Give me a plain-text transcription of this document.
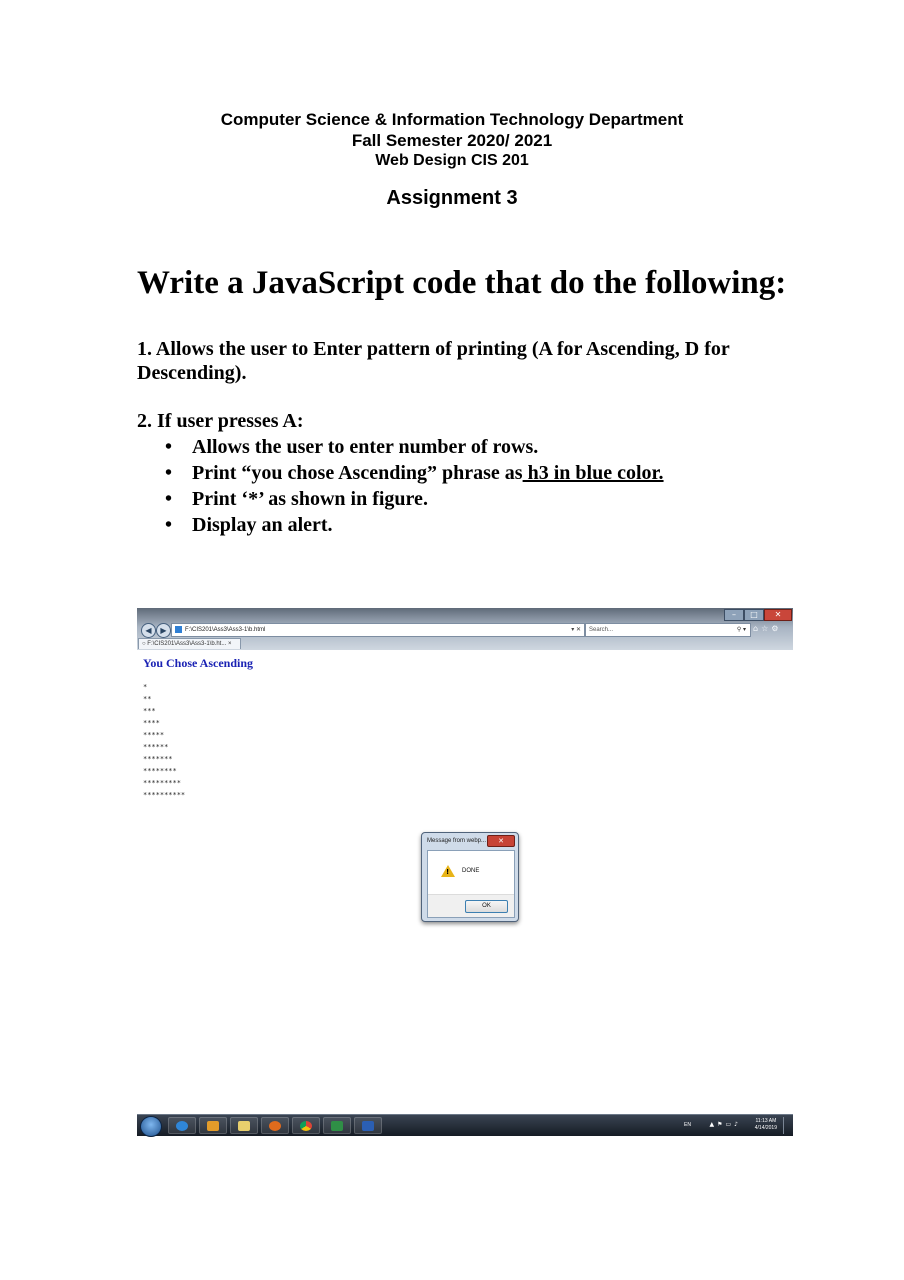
Computer Science & Information Technology Department
Fall Semester 2020/ 2021
Web Design CIS 201
Assignment 3
Write a JavaScript code that do the following:
1. Allows the user to Enter pattern of printing (A for Ascending, D for Descending).
2. If user presses A:
• Allows the user to enter number of rows.
• Print “you chose Ascending” phrase as h3 in blue color.
• Print ‘*’ as shown in figure.
• Display an alert.
–	□	✕
◀	▶	F:\CIS201\Ass3\Ass3-1\b.html	▾ ✕	Search...	⚲ ▾ ⌂☆⚙
○ F:\CIS201\Ass3\Ass3-1\b.ht... ×
You Chose Ascending
*
**
***
****
*****
******
*******
********
*********
**********
Message from webp...	✕
! DONE
OK
EN	▲⚑▭♪	11:13 AM
4/14/2019
